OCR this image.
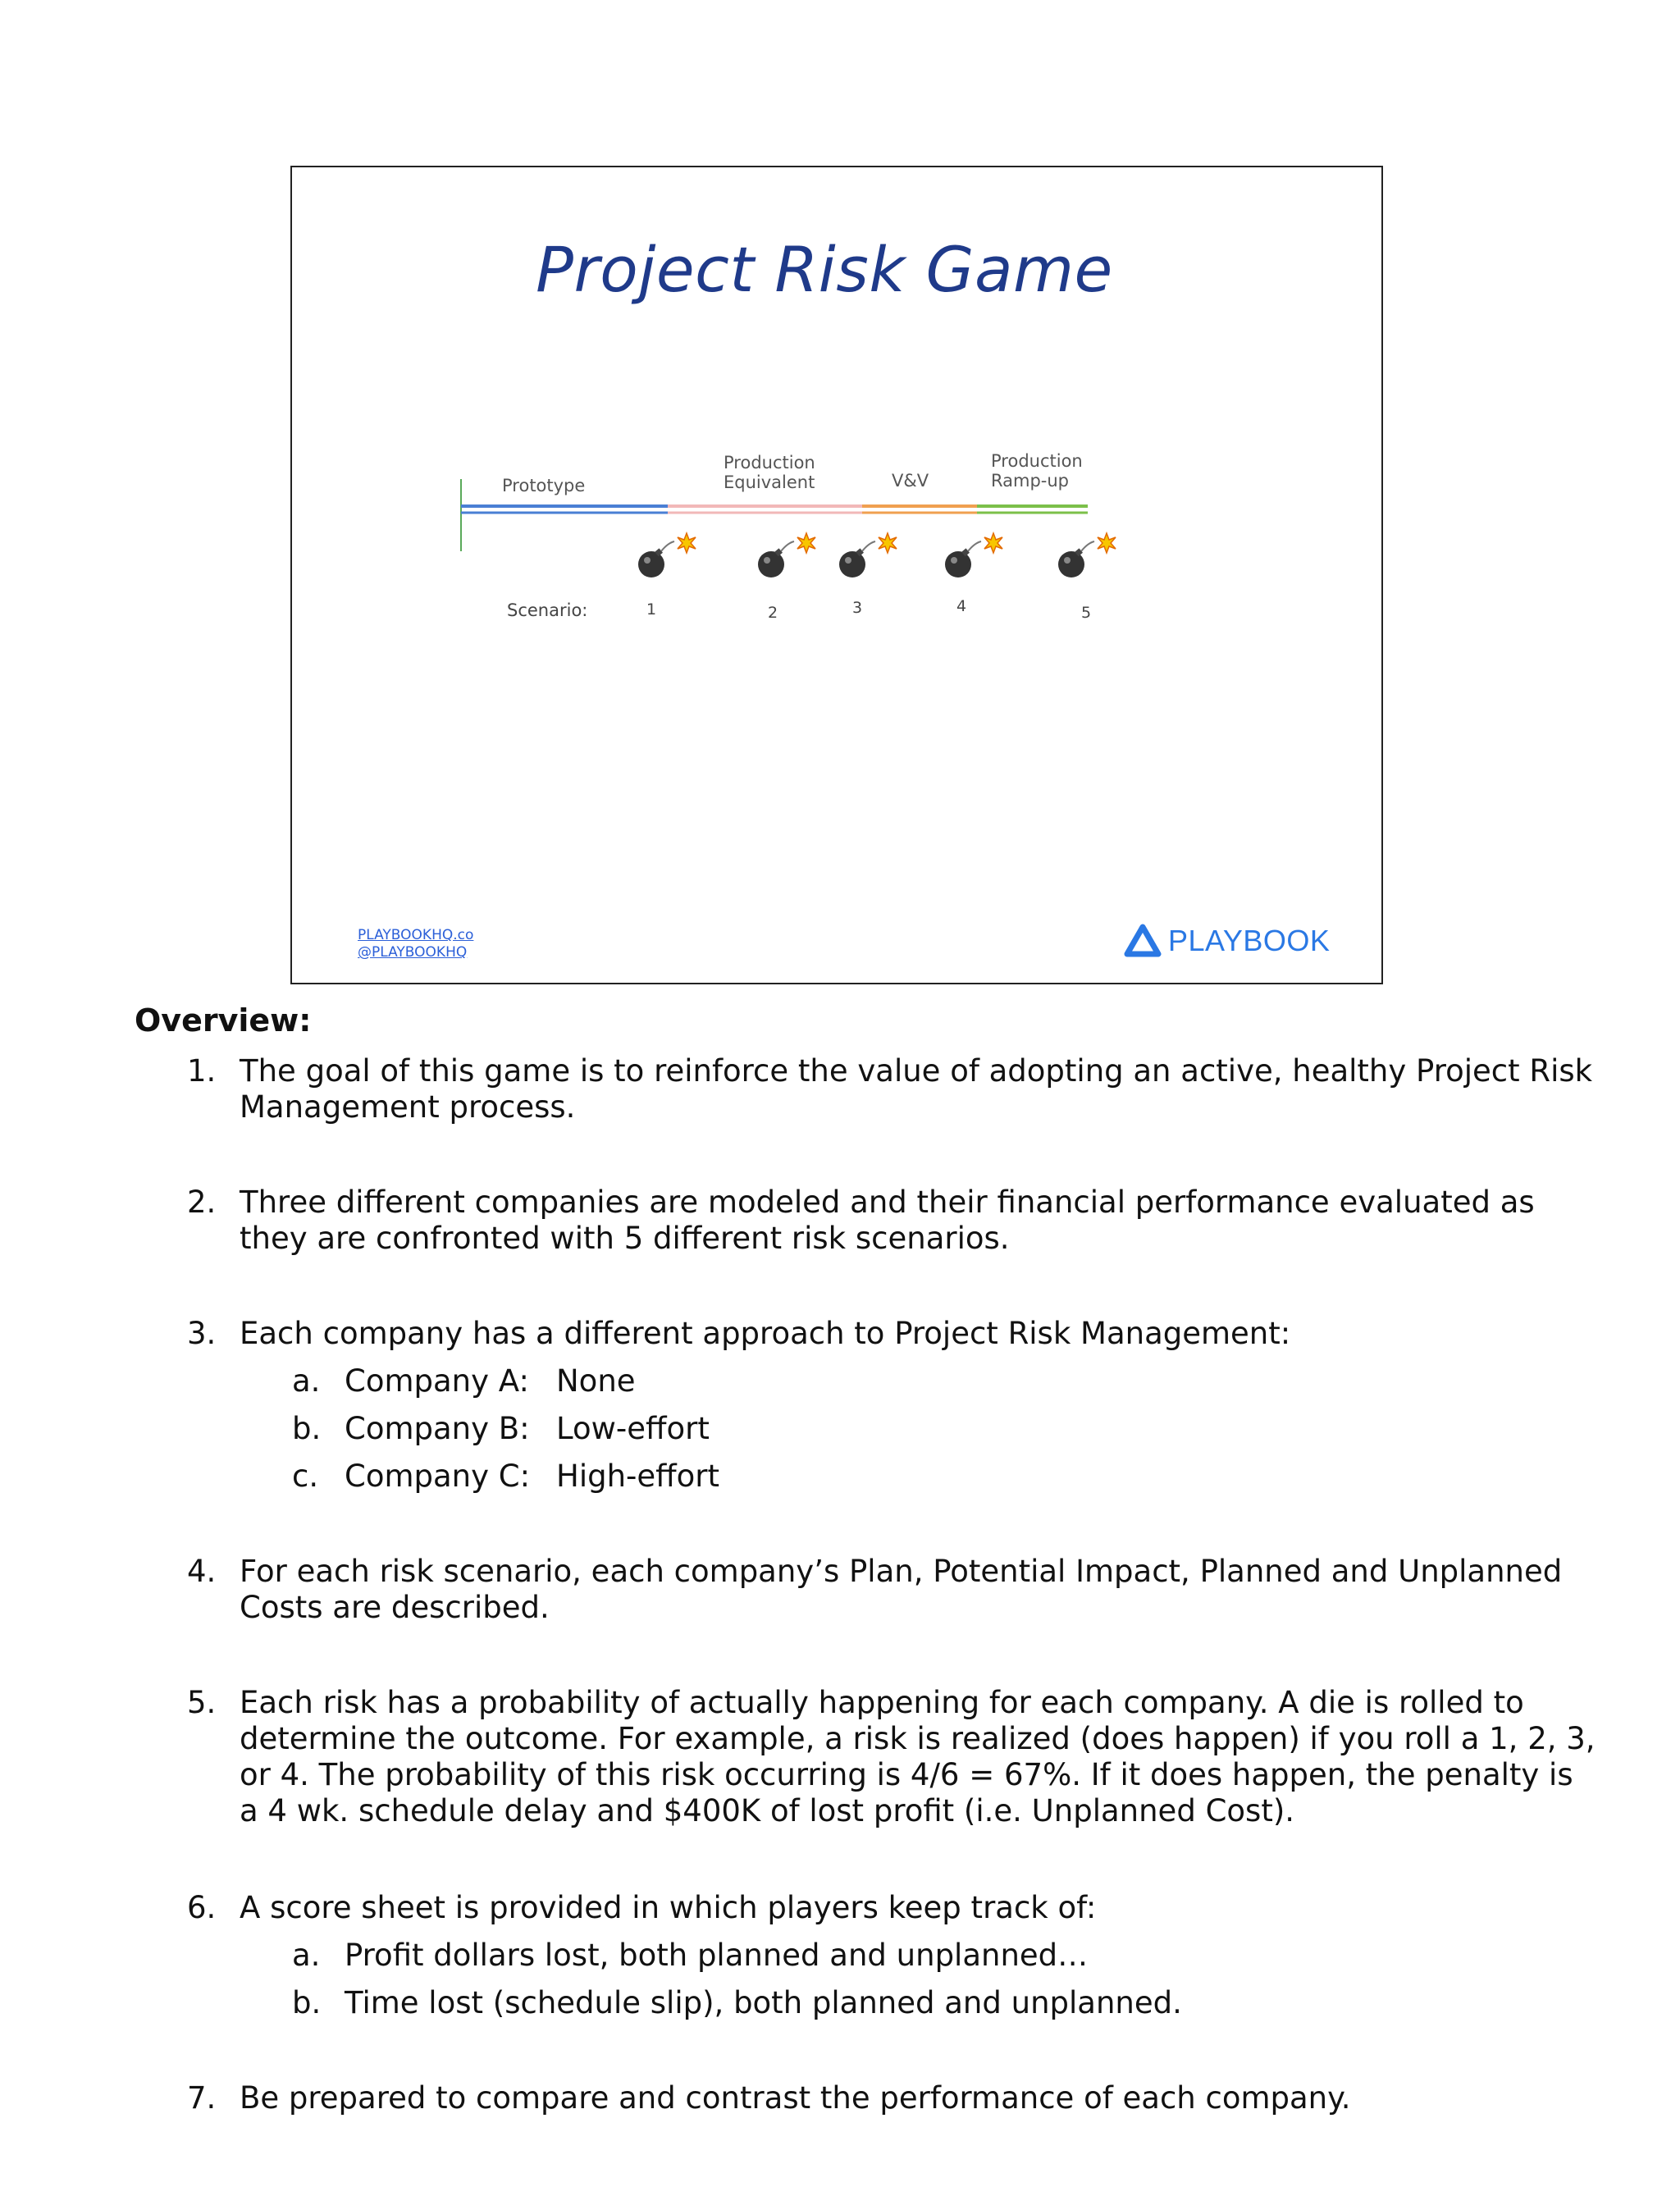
Project Risk Game
Prototype
Production
Equivalent	V&V
Production
Ramp-up
Scenario:	1	2	3	4	5
PLAYBOOKHQ.co
@PLAYBOOKHQ	PLAYBOOK
Overview:
1. The goal of this game is to reinforce the value of adopting an active, healthy Project Risk Management process.
2. Three different companies are modeled and their financial performance evaluated as they are confronted with 5 different risk scenarios.
3. Each company has a different approach to Project Risk Management:
a. Company A: None
b. Company B: Low-effort
c. Company C: High-effort
4. For each risk scenario, each company’s Plan, Potential Impact, Planned and Unplanned Costs are described.
5. Each risk has a probability of actually happening for each company. A die is rolled to determine the outcome. For example, a risk is realized (does happen) if you roll a 1, 2, 3, or 4. The probability of this risk occurring is 4/6 = 67%. If it does happen, the penalty is a 4 wk. schedule delay and $400K of lost profit (i.e. Unplanned Cost).
6. A score sheet is provided in which players keep track of:
a. Profit dollars lost, both planned and unplanned…
b. Time lost (schedule slip), both planned and unplanned.
7. Be prepared to compare and contrast the performance of each company.
